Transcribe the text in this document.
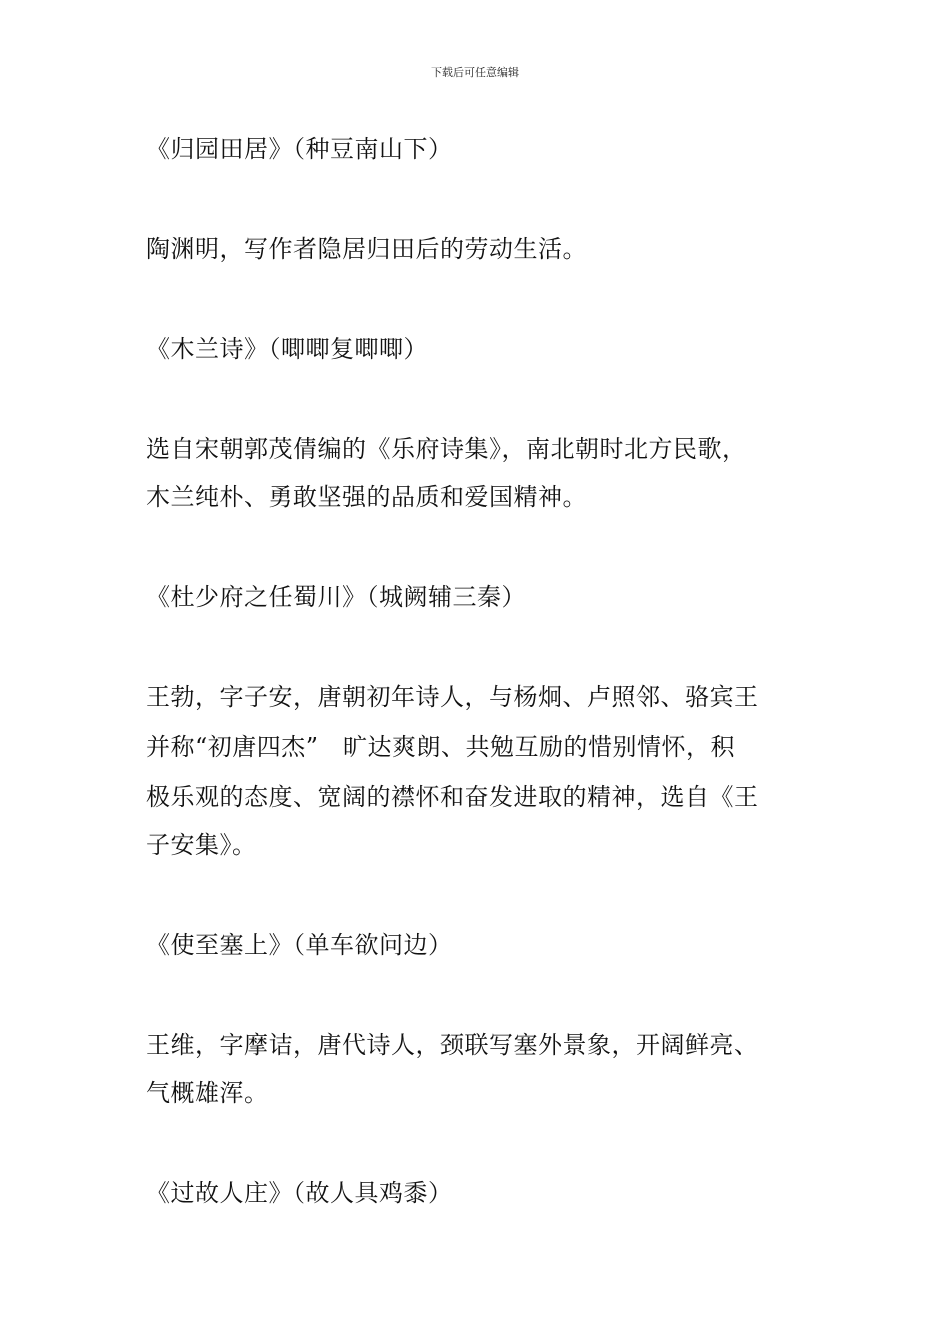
下载后可任意编辑
《归园田居》（种豆南山下）
陶渊明，写作者隐居归田后的劳动生活。
《木兰诗》（唧唧复唧唧）
选自宋朝郭茂倩编的《乐府诗集》，南北朝时北方民歌，
木兰纯朴、勇敢坚强的品质和爱国精神。
《杜少府之任蜀川》（城阙辅三秦）
王勃，字子安，唐朝初年诗人，与杨炯、卢照邻、骆宾王
并称“初唐四杰”　旷达爽朗、共勉互励的惜别情怀，积
极乐观的态度、宽阔的襟怀和奋发进取的精神，选自《王
子安集》。
《使至塞上》（单车欲问边）
王维，字摩诘，唐代诗人，颈联写塞外景象，开阔鲜亮、
气概雄浑。
《过故人庄》（故人具鸡黍）
